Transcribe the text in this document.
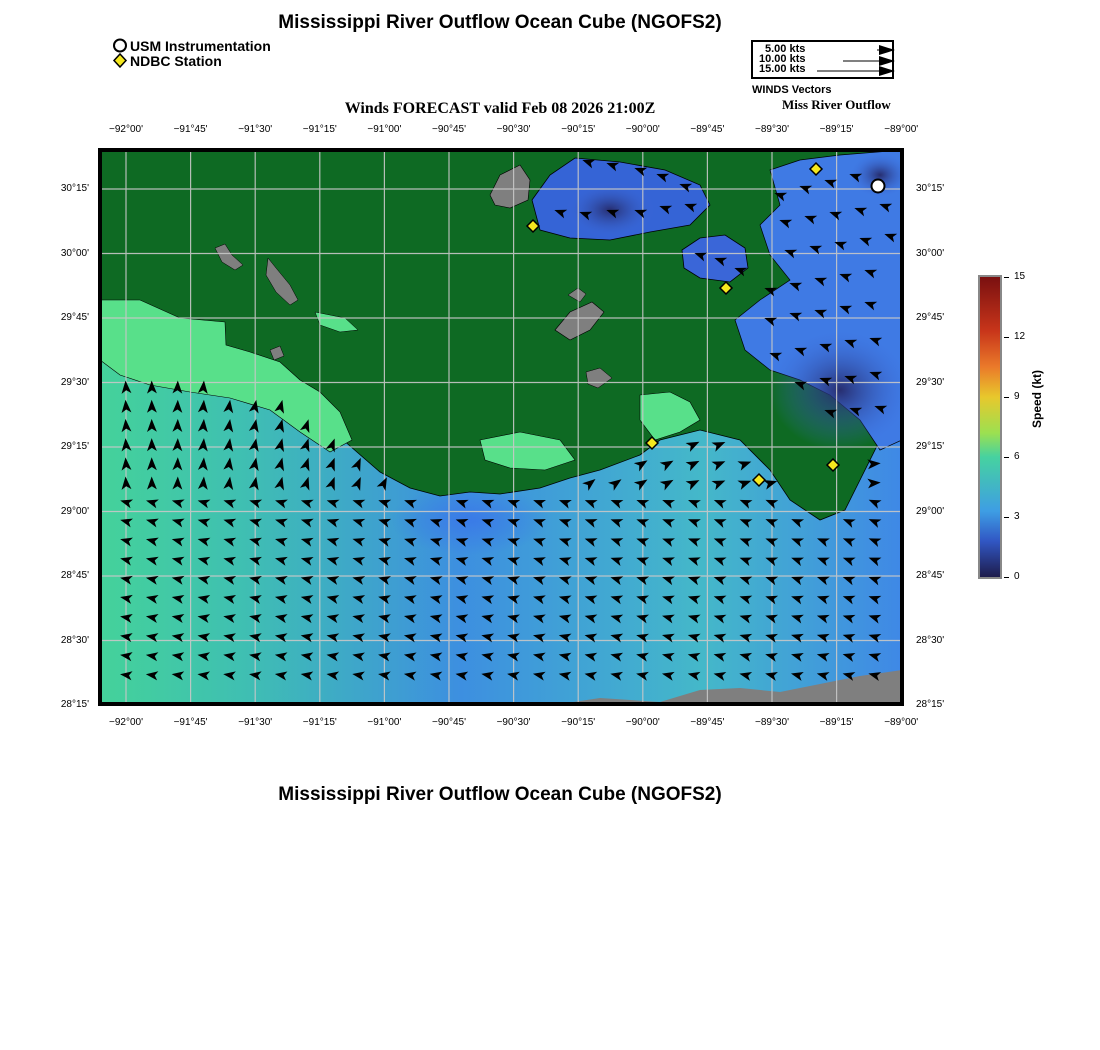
Mississippi River Outflow Ocean Cube (NGOFS2)
USM Instrumentation
NDBC Station
5.00 kts
10.00 kts
15.00 kts
WINDS Vectors
Winds FORECAST valid Feb 08 2026 21:00Z	Miss River Outflow
−92°00'	−91°45'	−91°30'	−91°15'	−91°00'	−90°45'	−90°30'	−90°15'	−90°00'	−89°45'	−89°30'	−89°15'	−89°00'
−92°00'	−91°45'	−91°30'	−91°15'	−91°00'	−90°45'	−90°30'	−90°15'	−90°00'	−89°45'	−89°30'	−89°15'	−89°00'
30°15'
30°00'
29°45'
29°30'
29°15'
29°00'
28°45'
28°30'
28°15'
30°15'
30°00'
29°45'
29°30'
29°15'
29°00'
28°45'
28°30'
28°15'
15
12
9
6
3
0
Speed (kt)
Mississippi River Outflow Ocean Cube (NGOFS2)
